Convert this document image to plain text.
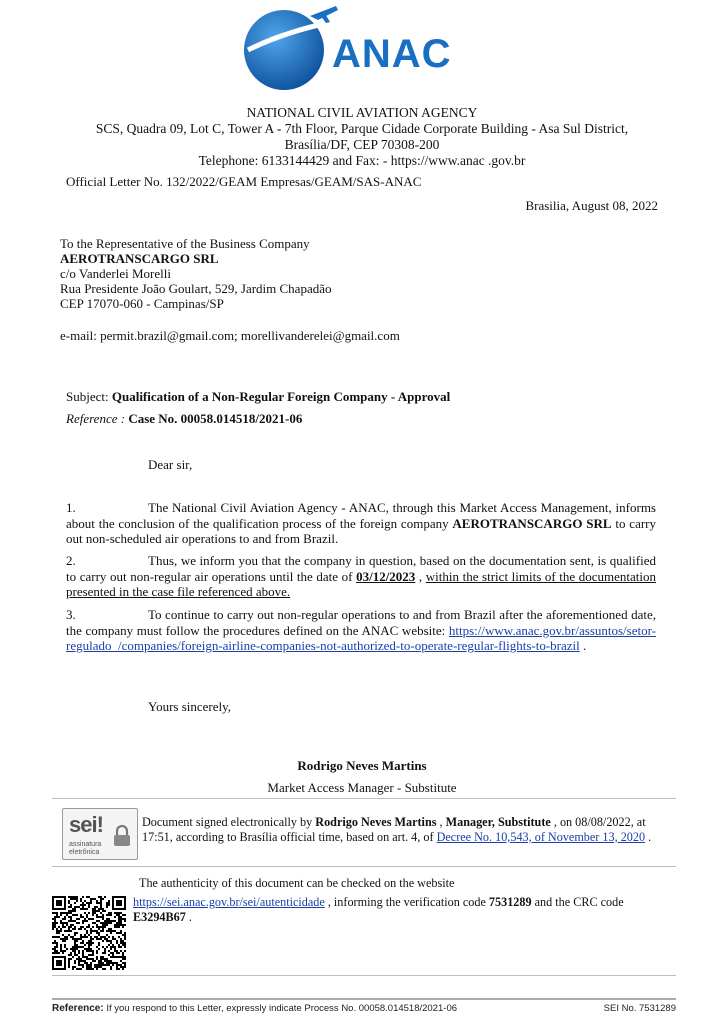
ANAC
NATIONAL CIVIL AVIATION AGENCY
SCS, Quadra 09, Lot C, Tower A - 7th Floor, Parque Cidade Corporate Building - Asa Sul District,
Brasília/DF, CEP 70308-200
Telephone: 6133144429 and Fax: - https://www.anac .gov.br
Official Letter No. 132/2022/GEAM Empresas/GEAM/SAS-ANAC
Brasilia, August 08, 2022
To the Representative of the Business Company
AEROTRANSCARGO SRL
c/o Vanderlei Morelli
Rua Presidente João Goulart, 529, Jardim Chapadão
CEP 17070-060 - Campinas/SP
e-mail: permit.brazil@gmail.com; morellivanderelei@gmail.com
Subject: Qualification of a Non-Regular Foreign Company - Approval
Reference : Case No. 00058.014518/2021-06
Dear sir,
1.	The National Civil Aviation Agency - ANAC, through this Market Access Management, informs about the conclusion of the qualification process of the foreign company AEROTRANSCARGO SRL to carry out non-scheduled air operations to and from Brazil.
2.	Thus, we inform you that the company in question, based on the documentation sent, is qualified to carry out non-regular air operations until the date of 03/12/2023 , within the strict limits of the documentation presented in the case file referenced above.
3.	To continue to carry out non-regular operations to and from Brazil after the aforementioned date, the company must follow the procedures defined on the ANAC website: https://www.anac.gov.br/assuntos/setor-regulado_/companies/foreign-airline-companies-not-authorized-to-operate-regular-flights-to-brazil .
Yours sincerely,
Rodrigo Neves Martins
Market Access Manager - Substitute
sei!
assinatura
eletrônica
Document signed electronically by Rodrigo Neves Martins , Manager, Substitute , on 08/08/2022, at 17:51, according to Brasília official time, based on art. 4, of Decree No. 10,543, of November 13, 2020 .
The authenticity of this document can be checked on the website
https://sei.anac.gov.br/sei/autenticidade , informing the verification code 7531289 and the CRC code E3294B67 .
Reference: If you respond to this Letter, expressly indicate Process No. 00058.014518/2021-06	SEI No. 7531289
